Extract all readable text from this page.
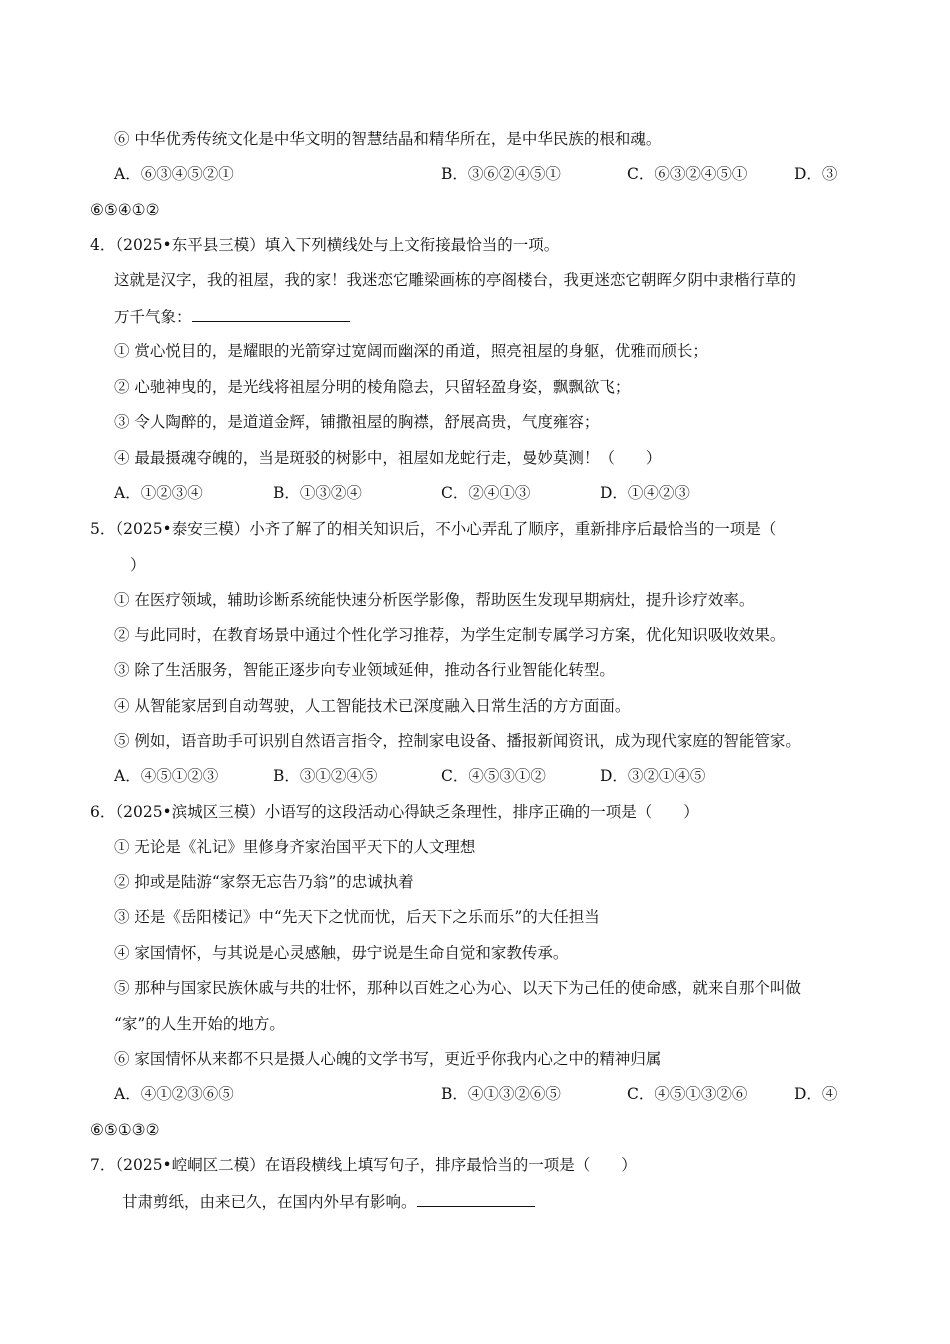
⑥ 中华优秀传统文化是中华文明的智慧结晶和精华所在，是中华民族的根和魂。
A．⑥③④⑤②①	B．③⑥②④⑤①	C．⑥③②④⑤①	D．③
⑥⑤④①②
4．（2025•东平县三模）填入下列横线处与上文衔接最恰当的一项。
这就是汉字，我的祖屋，我的家！我迷恋它雕梁画栋的亭阁楼台，我更迷恋它朝晖夕阴中隶楷行草的
万千气象：
① 赏心悦目的，是耀眼的光箭穿过宽阔而幽深的甬道，照亮祖屋的身躯，优雅而颀长；
② 心驰神曳的，是光线将祖屋分明的棱角隐去，只留轻盈身姿，飘飘欲飞；
③ 令人陶醉的，是道道金辉，铺撒祖屋的胸襟，舒展高贵，气度雍容；
④ 最最摄魂夺魄的，当是斑驳的树影中，祖屋如龙蛇行走，曼妙莫测！（　　）
A．①②③④	B．①③②④	C．②④①③	D．①④②③
5．（2025•泰安三模）小齐了解了的相关知识后，不小心弄乱了顺序，重新排序后最恰当的一项是（
）
① 在医疗领域，辅助诊断系统能快速分析医学影像，帮助医生发现早期病灶，提升诊疗效率。
② 与此同时，在教育场景中通过个性化学习推荐，为学生定制专属学习方案，优化知识吸收效果。
③ 除了生活服务，智能正逐步向专业领域延伸，推动各行业智能化转型。
④ 从智能家居到自动驾驶，人工智能技术已深度融入日常生活的方方面面。
⑤ 例如，语音助手可识别自然语言指令，控制家电设备、播报新闻资讯，成为现代家庭的智能管家。
A．④⑤①②③	B．③①②④⑤	C．④⑤③①②	D．③②①④⑤
6．（2025•滨城区三模）小语写的这段活动心得缺乏条理性，排序正确的一项是（　　）
① 无论是《礼记》里修身齐家治国平天下的人文理想
② 抑或是陆游“家祭无忘告乃翁”的忠诚执着
③ 还是《岳阳楼记》中“先天下之忧而忧，后天下之乐而乐”的大任担当
④ 家国情怀，与其说是心灵感触，毋宁说是生命自觉和家教传承。
⑤ 那种与国家民族休戚与共的壮怀，那种以百姓之心为心、以天下为己任的使命感，就来自那个叫做
“家”的人生开始的地方。
⑥ 家国情怀从来都不只是摄人心魄的文学书写，更近乎你我内心之中的精神归属
A．④①②③⑥⑤	B．④①③②⑥⑤	C．④⑤①③②⑥	D．④
⑥⑤①③②
7．（2025•崆峒区二模）在语段横线上填写句子，排序最恰当的一项是（　　）
甘肃剪纸，由来已久，在国内外早有影响。
